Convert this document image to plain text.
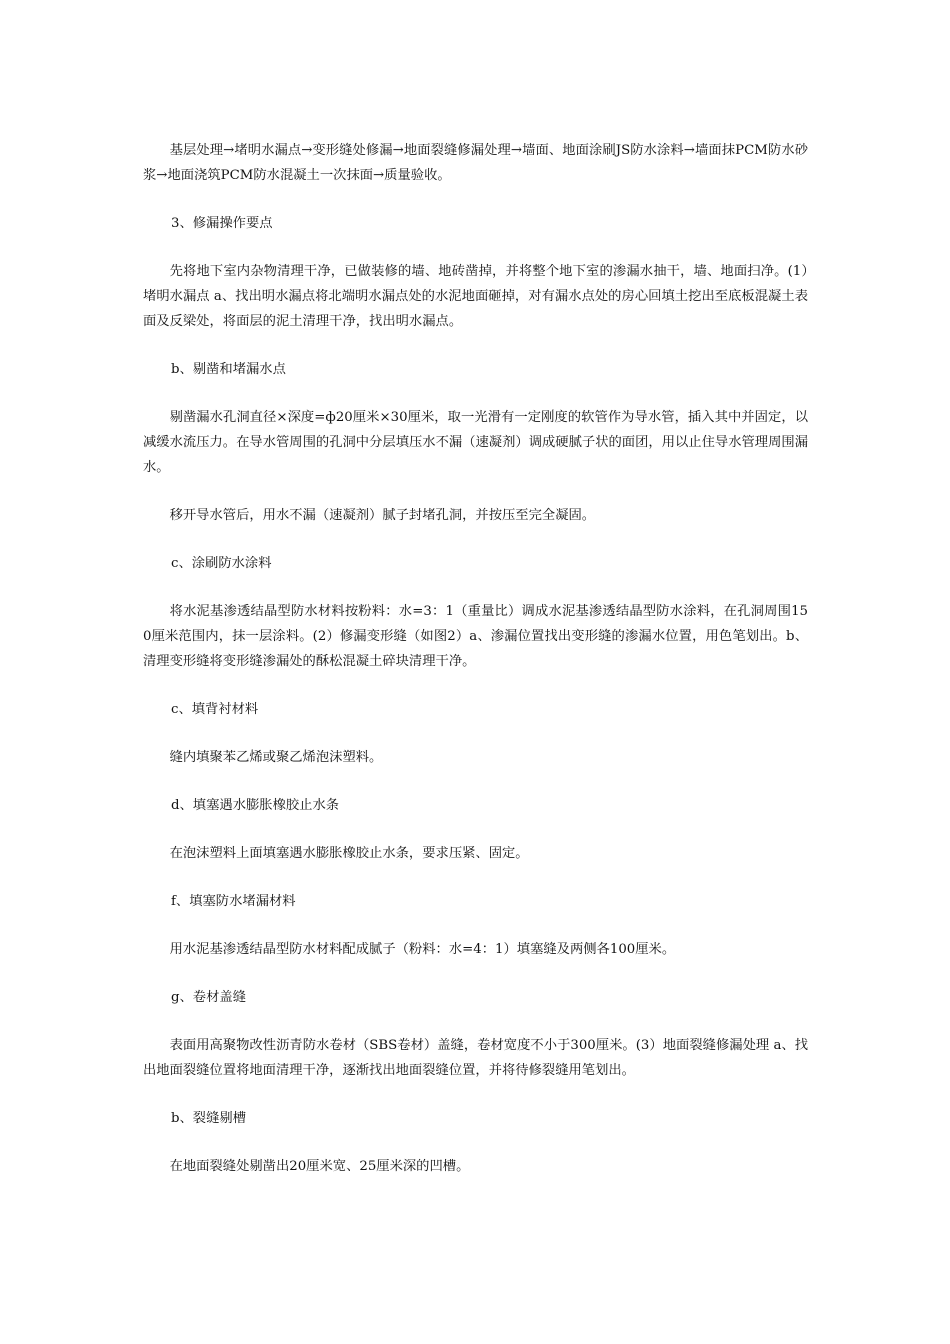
基层处理→堵明水漏点→变形缝处修漏→地面裂缝修漏处理→墙面、地面涂刷JS防水涂料→墙面抹PCM防水砂浆→地面浇筑PCM防水混凝土一次抹面→质量验收。

3、修漏操作要点

先将地下室内杂物清理干净，已做装修的墙、地砖凿掉，并将整个地下室的渗漏水抽干，墙、地面扫净。(1）堵明水漏点 a、找出明水漏点将北端明水漏点处的水泥地面砸掉，对有漏水点处的房心回填土挖出至底板混凝土表面及反梁处，将面层的泥土清理干净，找出明水漏点。

b、剔凿和堵漏水点

剔凿漏水孔洞直径×深度=ф20厘米×30厘米，取一光滑有一定刚度的软管作为导水管，插入其中并固定，以减缓水流压力。在导水管周围的孔洞中分层填压水不漏（速凝剂）调成硬腻子状的面团，用以止住导水管理周围漏水。

移开导水管后，用水不漏（速凝剂）腻子封堵孔洞，并按压至完全凝固。

c、涂刷防水涂料

将水泥基渗透结晶型防水材料按粉料：水=3：1（重量比）调成水泥基渗透结晶型防水涂料，在孔洞周围150厘米范围内，抹一层涂料。(2）修漏变形缝（如图2）a、渗漏位置找出变形缝的渗漏水位置，用色笔划出。b、清理变形缝将变形缝渗漏处的酥松混凝土碎块清理干净。

c、填背衬材料

缝内填聚苯乙烯或聚乙烯泡沫塑料。

d、填塞遇水膨胀橡胶止水条

在泡沫塑料上面填塞遇水膨胀橡胶止水条，要求压紧、固定。

f、填塞防水堵漏材料

用水泥基渗透结晶型防水材料配成腻子（粉料：水=4：1）填塞缝及两侧各100厘米。

g、卷材盖缝

表面用高聚物改性沥青防水卷材（SBS卷材）盖缝，卷材宽度不小于300厘米。(3）地面裂缝修漏处理 a、找出地面裂缝位置将地面清理干净，逐渐找出地面裂缝位置，并将待修裂缝用笔划出。

b、裂缝剔槽

在地面裂缝处剔凿出20厘米宽、25厘米深的凹槽。
